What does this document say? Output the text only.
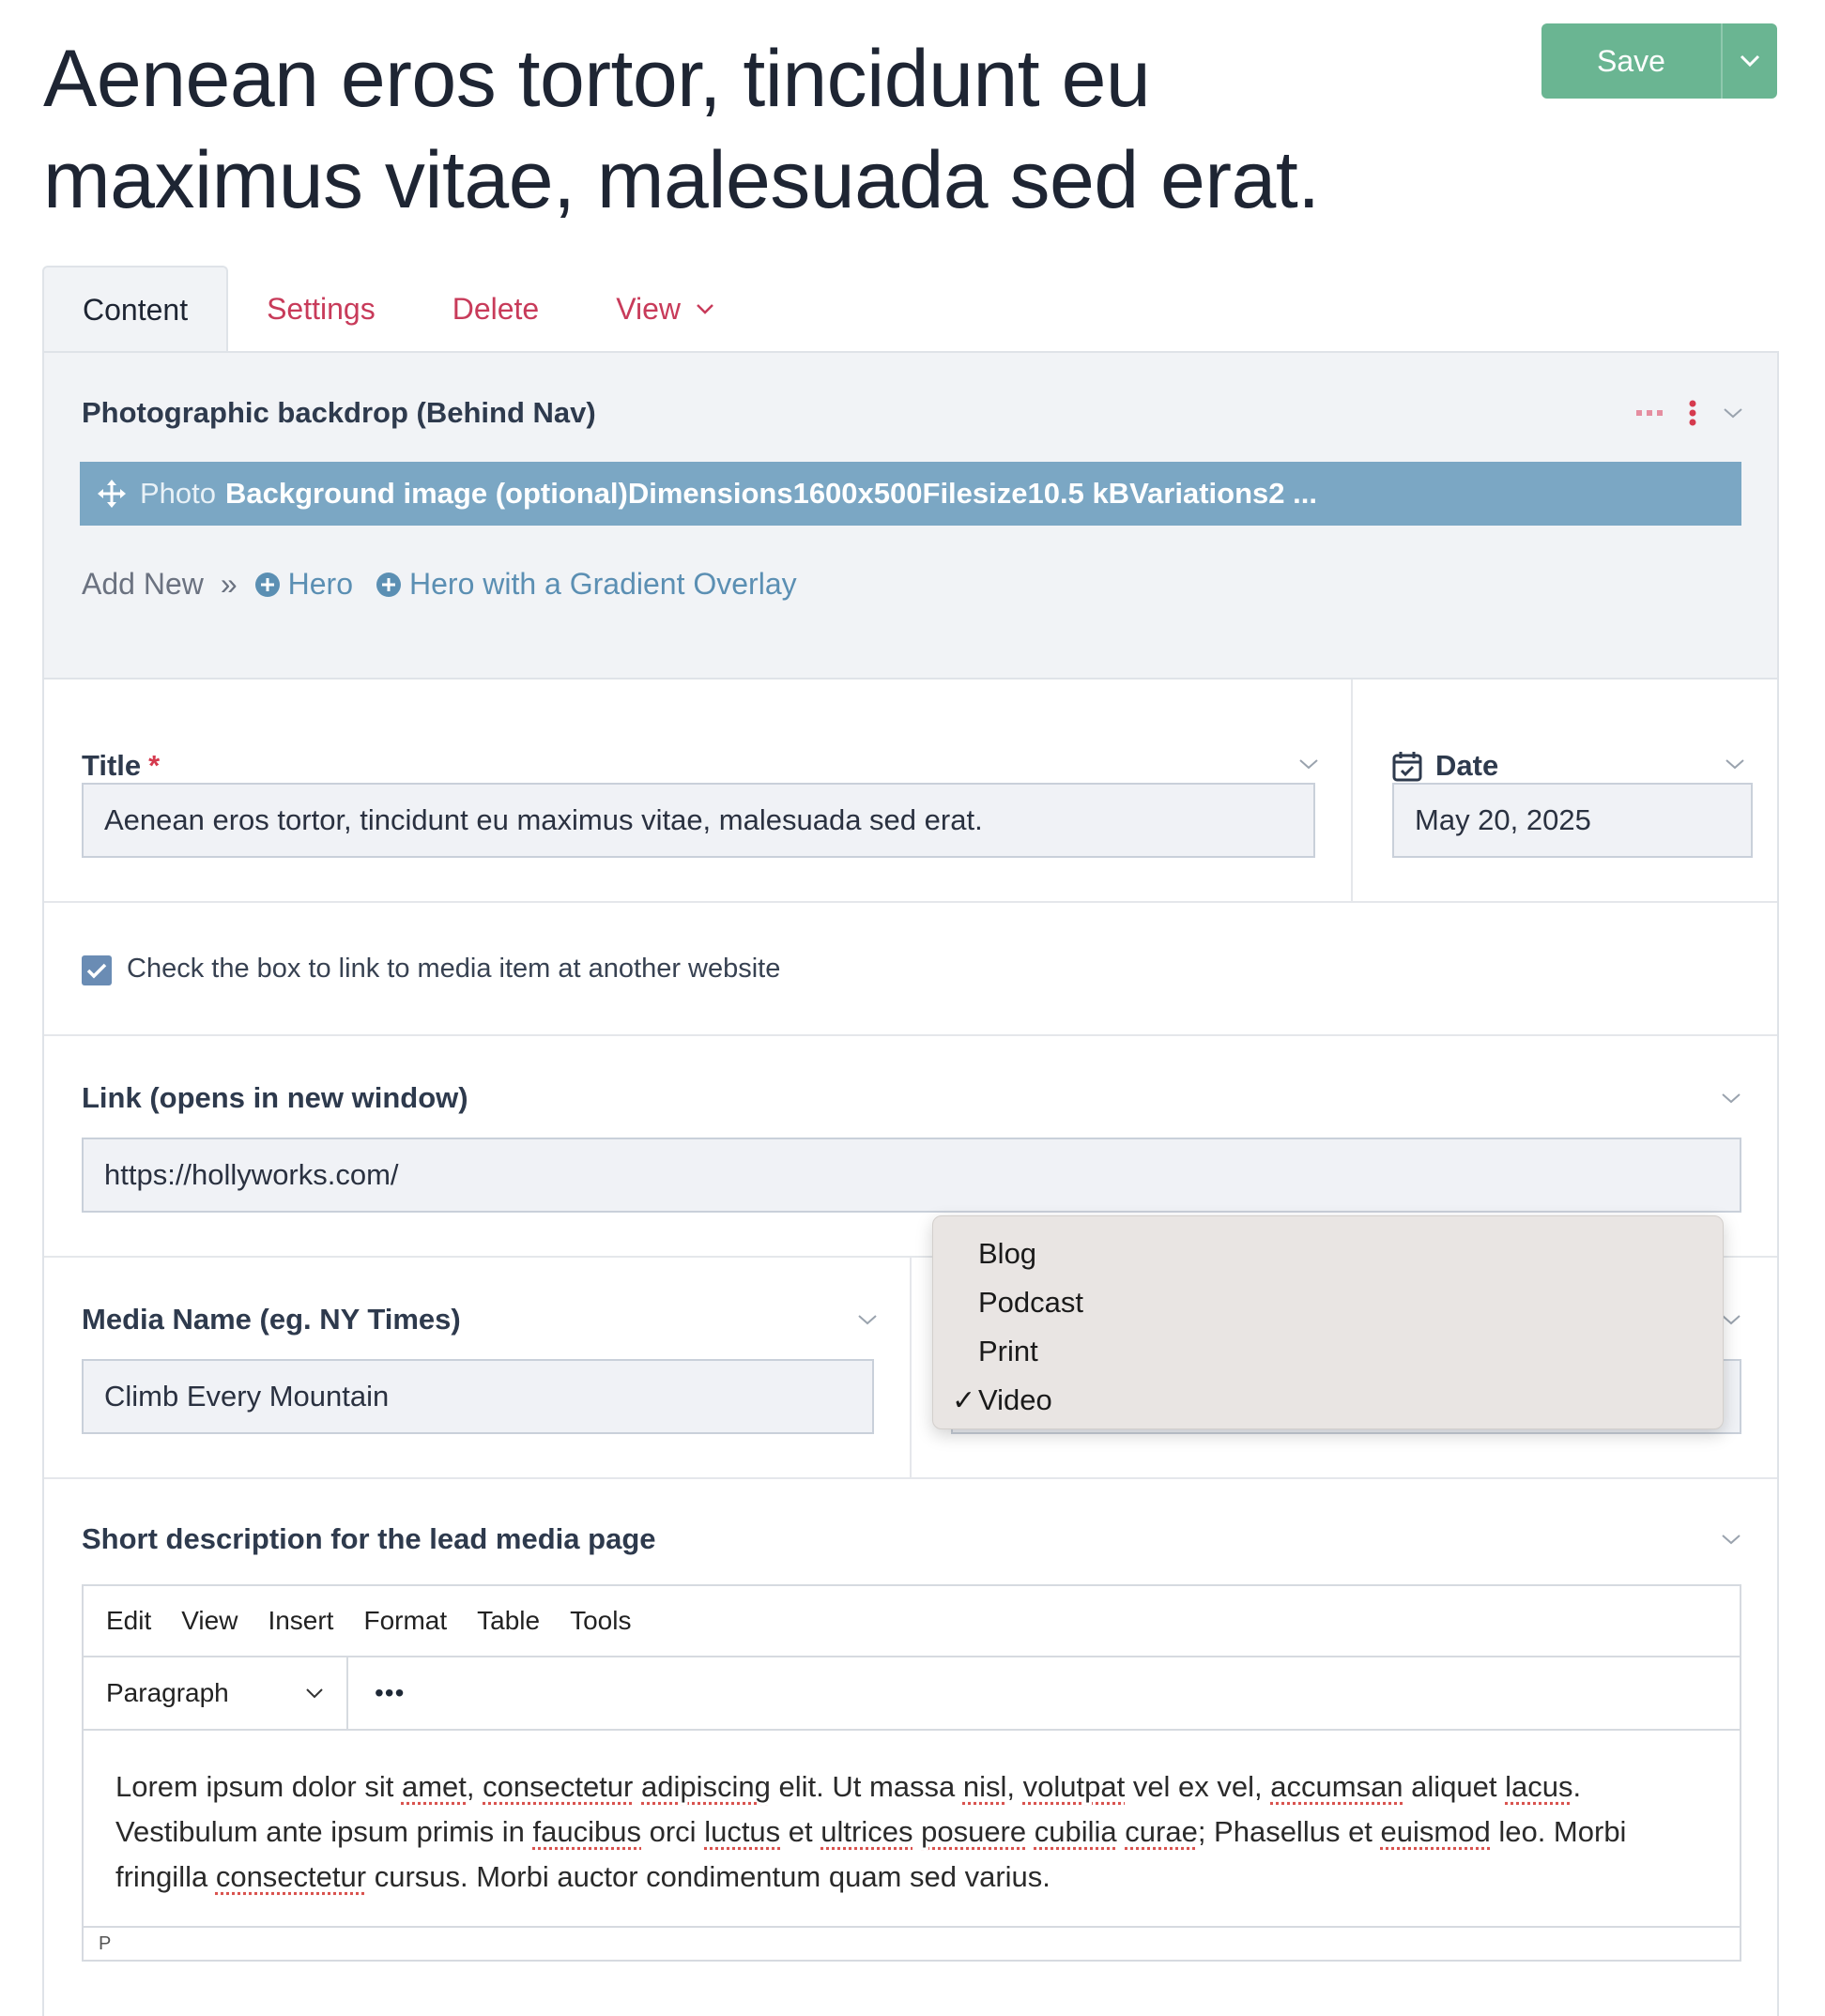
Aenean eros tortor, tincidunt eu maximus vitae, malesuada sed erat.
Save
Content	Settings	Delete	View
Photographic backdrop (Behind Nav)
Photo Background image (optional)Dimensions1600x500Filesize10.5 kBVariations2 ...
Add New » Hero Hero with a Gradient Overlay
Title *
Aenean eros tortor, tincidunt eu maximus vitae, malesuada sed erat.
Date
May 20, 2025
Check the box to link to media item at another website
Link (opens in new window)
https://hollyworks.com/
Media Name (eg. NY Times)
Climb Every Mountain
Short description for the lead media page
Edit View Insert Format Table Tools
Paragraph	•••
Lorem ipsum dolor sit amet, consectetur adipiscing elit. Ut massa nisl, volutpat vel ex vel, accumsan aliquet lacus. Vestibulum ante ipsum primis in faucibus orci luctus et ultrices posuere cubilia curae; Phasellus et euismod leo. Morbi fringilla consectetur cursus. Morbi auctor condimentum quam sed varius.
P
Blog
Podcast
Print
✓ Video
